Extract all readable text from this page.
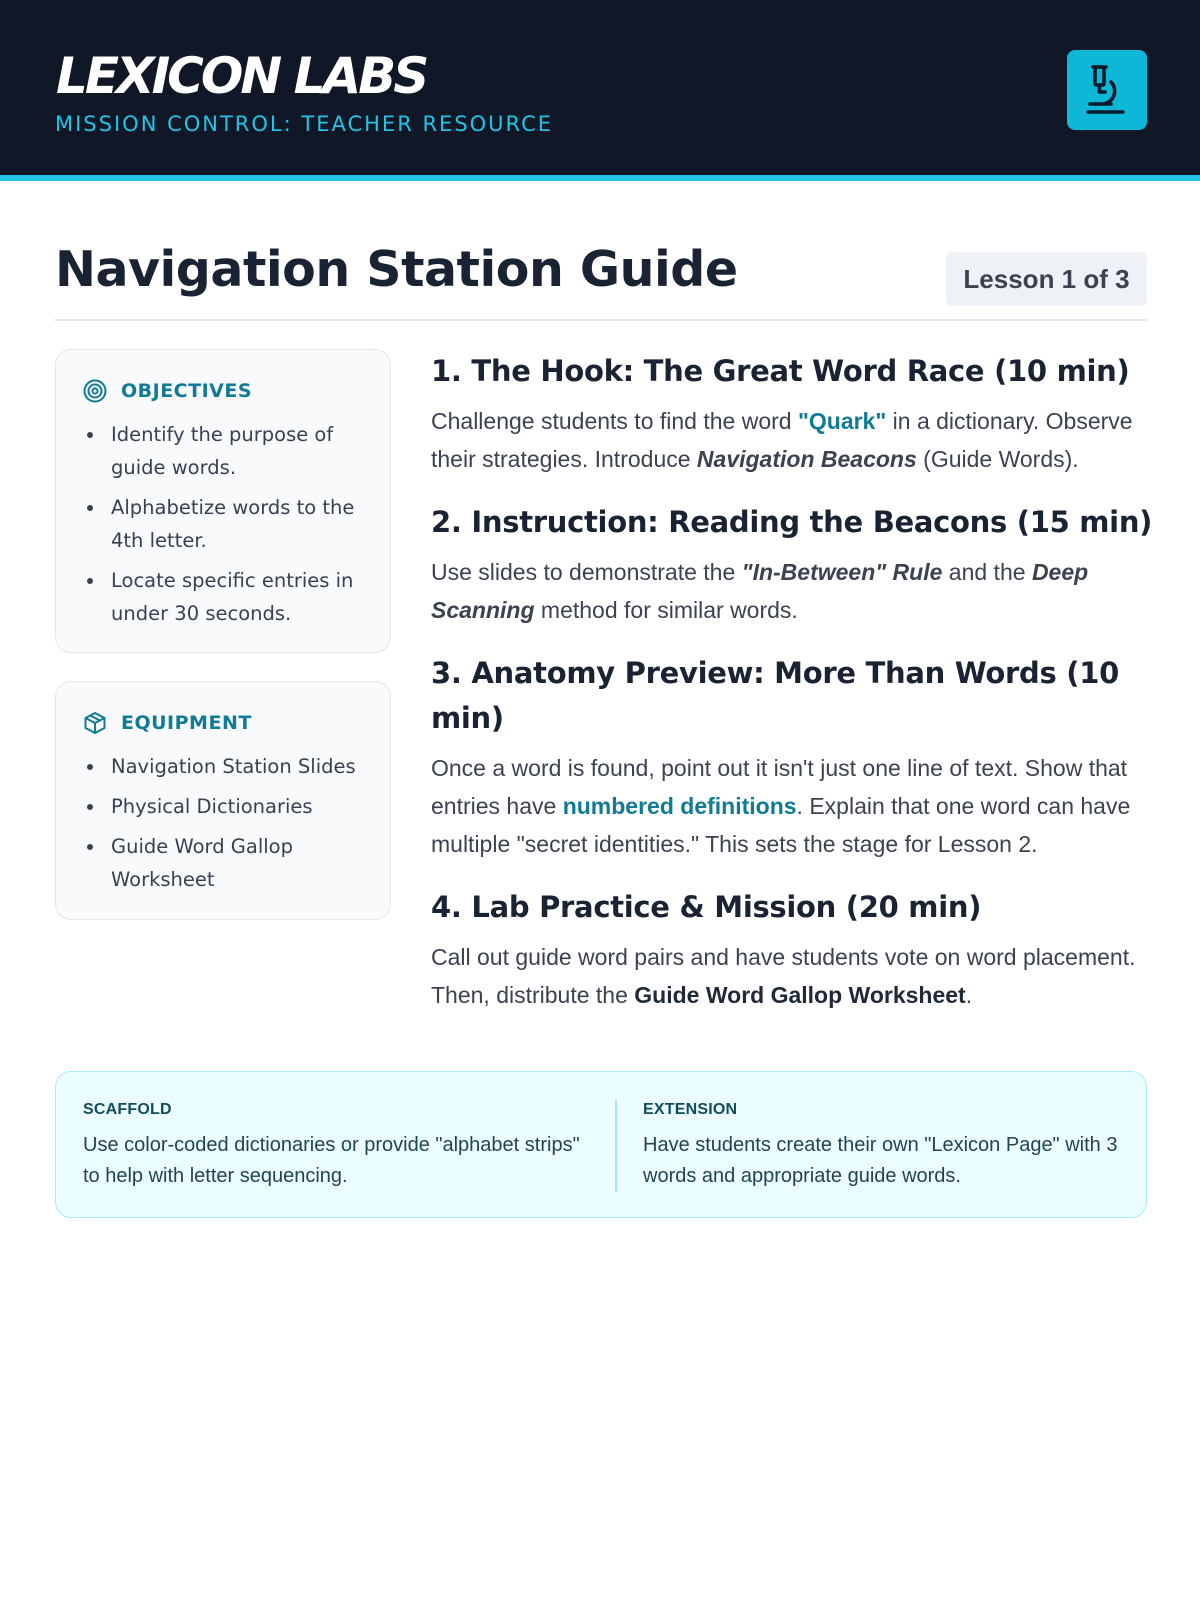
LEXICON LABS
MISSION CONTROL: TEACHER RESOURCE
Navigation Station Guide	Lesson 1 of 3
OBJECTIVES
Identify the purpose of guide words.
Alphabetize words to the 4th letter.
Locate specific entries in under 30 seconds.
EQUIPMENT
Navigation Station Slides
Physical Dictionaries
Guide Word Gallop Worksheet
1. The Hook: The Great Word Race (10 min)
Challenge students to find the word "Quark" in a dictionary. Observe their strategies. Introduce Navigation Beacons (Guide Words).
2. Instruction: Reading the Beacons (15 min)
Use slides to demonstrate the "In-Between" Rule and the Deep Scanning method for similar words.
3. Anatomy Preview: More Than Words (10 min)
Once a word is found, point out it isn't just one line of text. Show that entries have numbered definitions. Explain that one word can have multiple "secret identities." This sets the stage for Lesson 2.
4. Lab Practice & Mission (20 min)
Call out guide word pairs and have students vote on word placement. Then, distribute the Guide Word Gallop Worksheet.
SCAFFOLD
Use color-coded dictionaries or provide "alphabet strips" to help with letter sequencing.
EXTENSION
Have students create their own "Lexicon Page" with 3 words and appropriate guide words.
